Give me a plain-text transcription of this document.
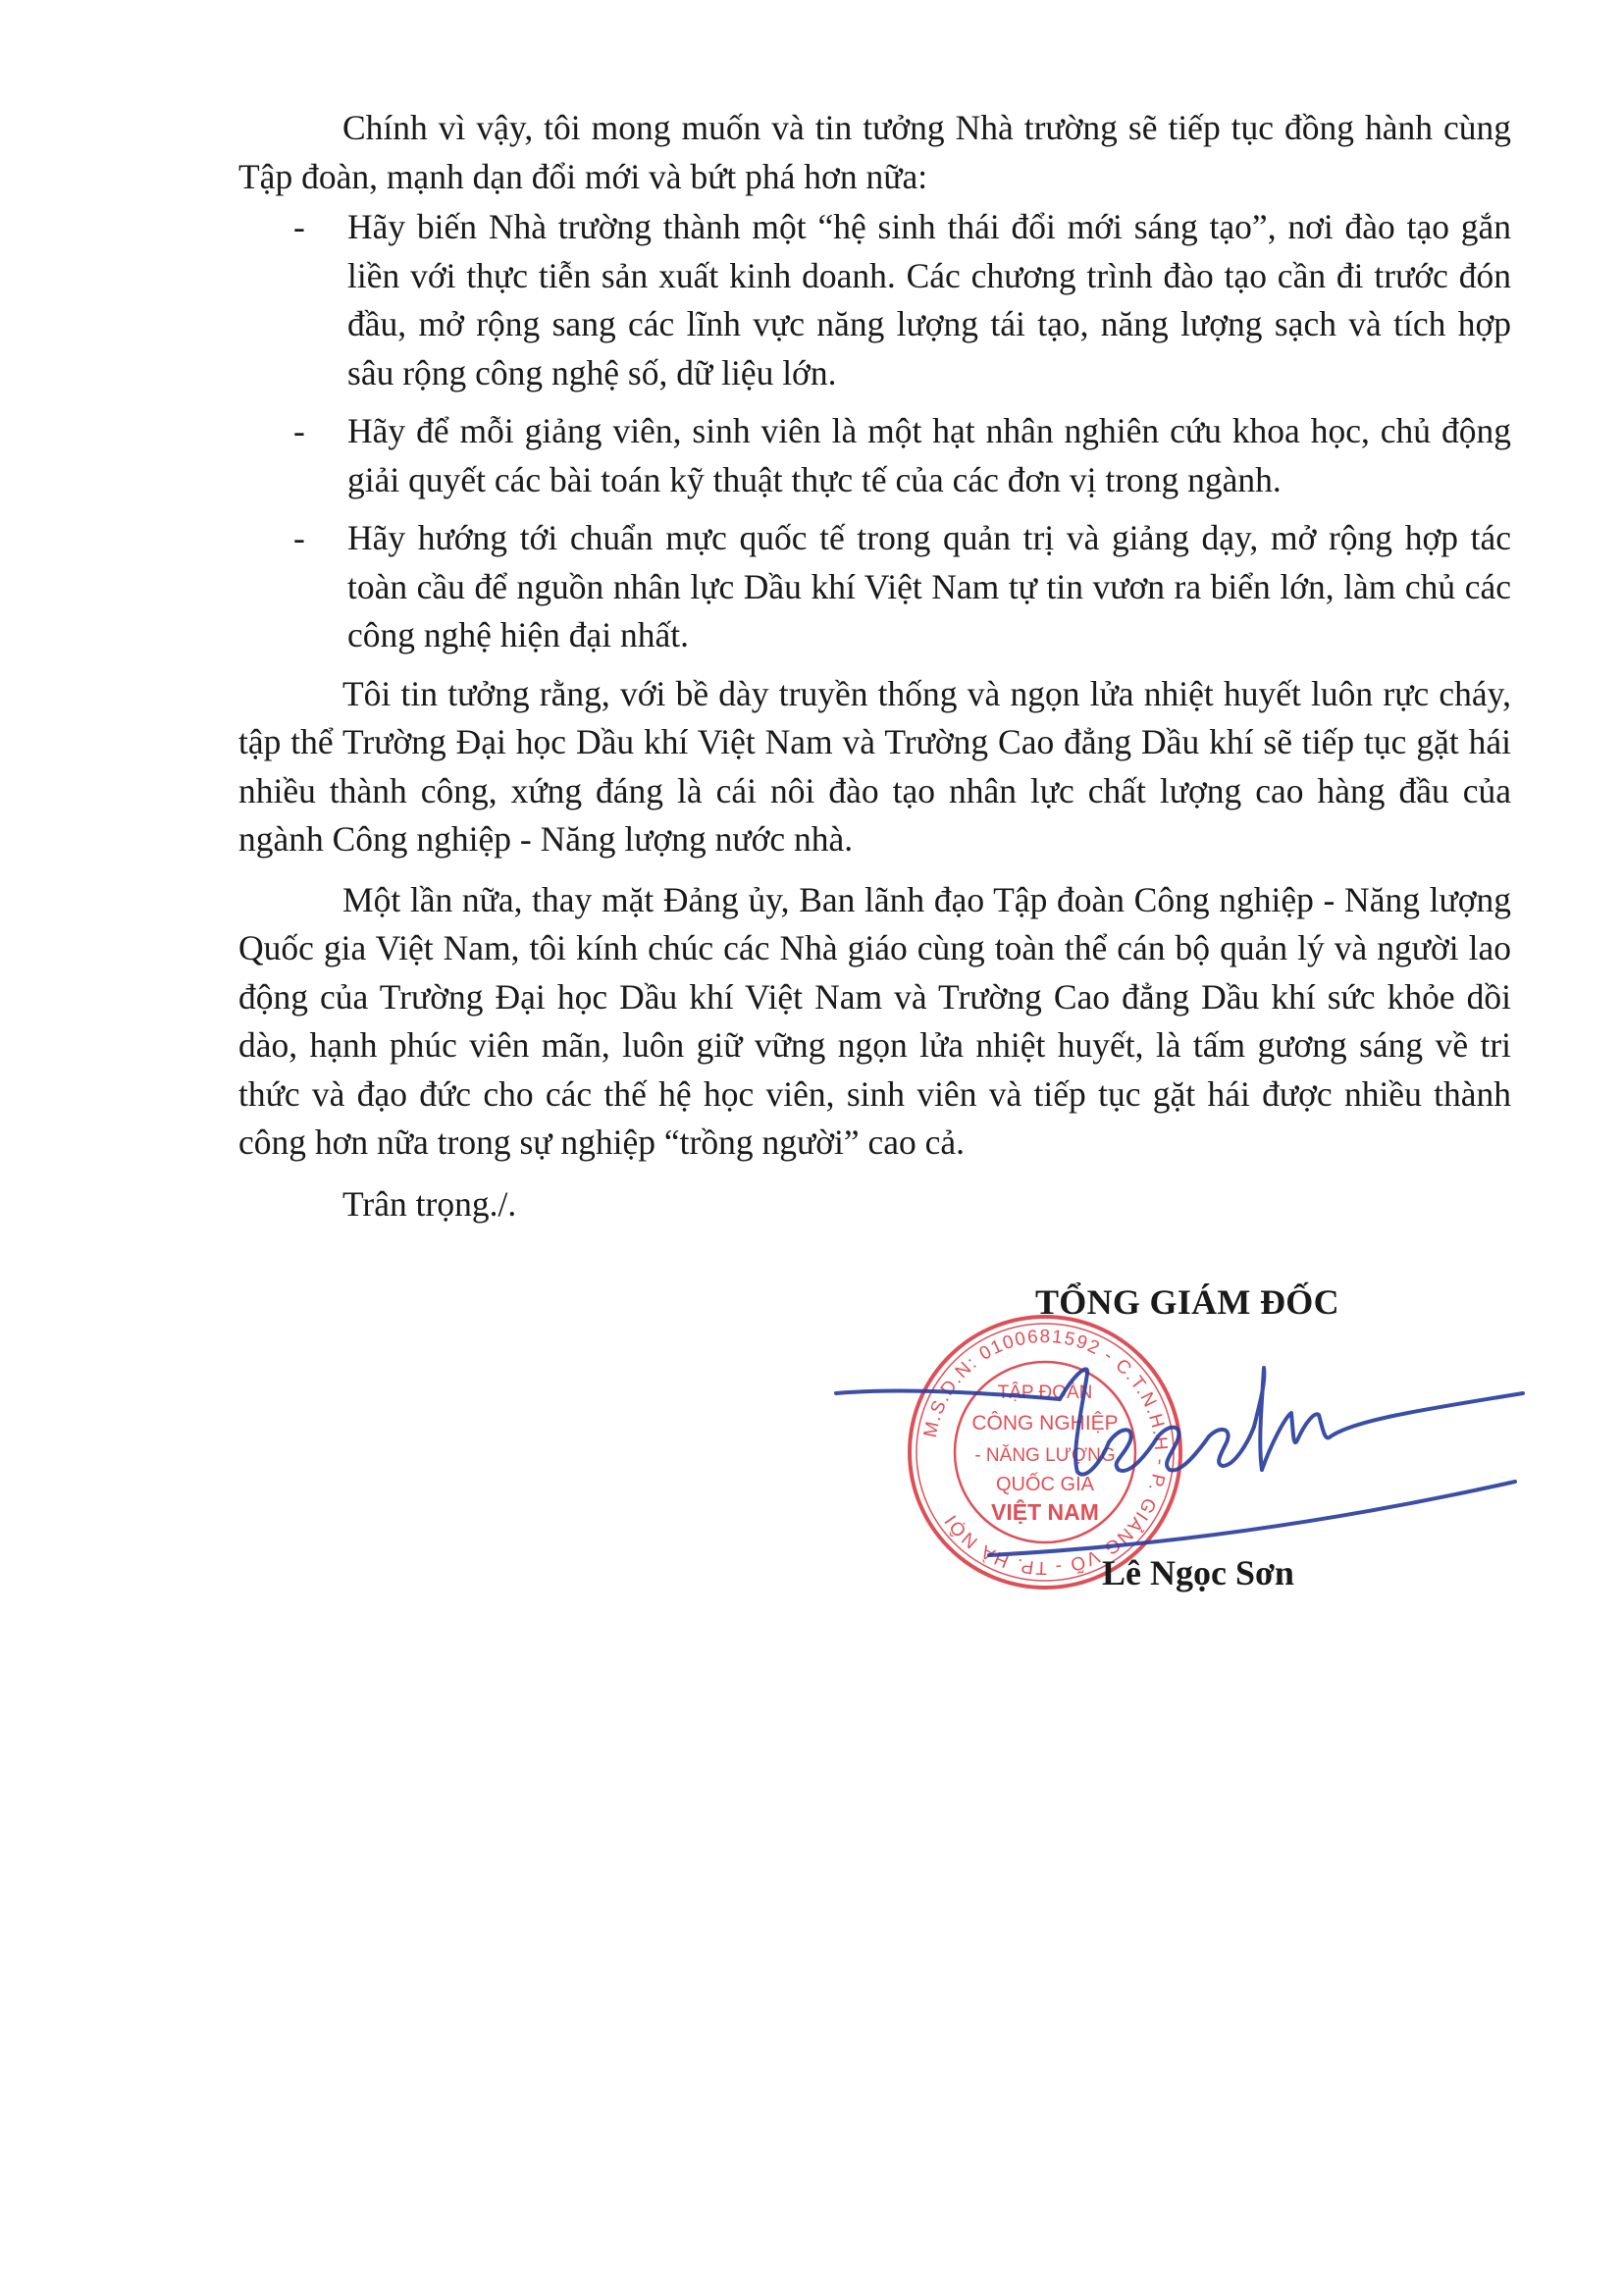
Chính vì vậy, tôi mong muốn và tin tưởng Nhà trường sẽ tiếp tục đồng hành cùng Tập đoàn, mạnh dạn đổi mới và bứt phá hơn nữa:

- Hãy biến Nhà trường thành một “hệ sinh thái đổi mới sáng tạo”, nơi đào tạo gắn liền với thực tiễn sản xuất kinh doanh. Các chương trình đào tạo cần đi trước đón đầu, mở rộng sang các lĩnh vực năng lượng tái tạo, năng lượng sạch và tích hợp sâu rộng công nghệ số, dữ liệu lớn.
- Hãy để mỗi giảng viên, sinh viên là một hạt nhân nghiên cứu khoa học, chủ động giải quyết các bài toán kỹ thuật thực tế của các đơn vị trong ngành.
- Hãy hướng tới chuẩn mực quốc tế trong quản trị và giảng dạy, mở rộng hợp tác toàn cầu để nguồn nhân lực Dầu khí Việt Nam tự tin vươn ra biển lớn, làm chủ các công nghệ hiện đại nhất.

Tôi tin tưởng rằng, với bề dày truyền thống và ngọn lửa nhiệt huyết luôn rực cháy, tập thể Trường Đại học Dầu khí Việt Nam và Trường Cao đẳng Dầu khí sẽ tiếp tục gặt hái nhiều thành công, xứng đáng là cái nôi đào tạo nhân lực chất lượng cao hàng đầu của ngành Công nghiệp - Năng lượng nước nhà.

Một lần nữa, thay mặt Đảng ủy, Ban lãnh đạo Tập đoàn Công nghiệp - Năng lượng Quốc gia Việt Nam, tôi kính chúc các Nhà giáo cùng toàn thể cán bộ quản lý và người lao động của Trường Đại học Dầu khí Việt Nam và Trường Cao đẳng Dầu khí sức khỏe dồi dào, hạnh phúc viên mãn, luôn giữ vững ngọn lửa nhiệt huyết, là tấm gương sáng về tri thức và đạo đức cho các thế hệ học viên, sinh viên và tiếp tục gặt hái được nhiều thành công hơn nữa trong sự nghiệp “trồng người” cao cả.

Trân trọng./.

M.S.D.N: 0100681592 - C.T.N.H.H - P. GIẢNG VÕ - TP. HÀ NỘI
TẬP ĐOÀN
CÔNG NGHIỆP
- NĂNG LƯỢNG
QUỐC GIA
VIỆT NAM
TỔNG GIÁM ĐỐC
Lê Ngọc Sơn
